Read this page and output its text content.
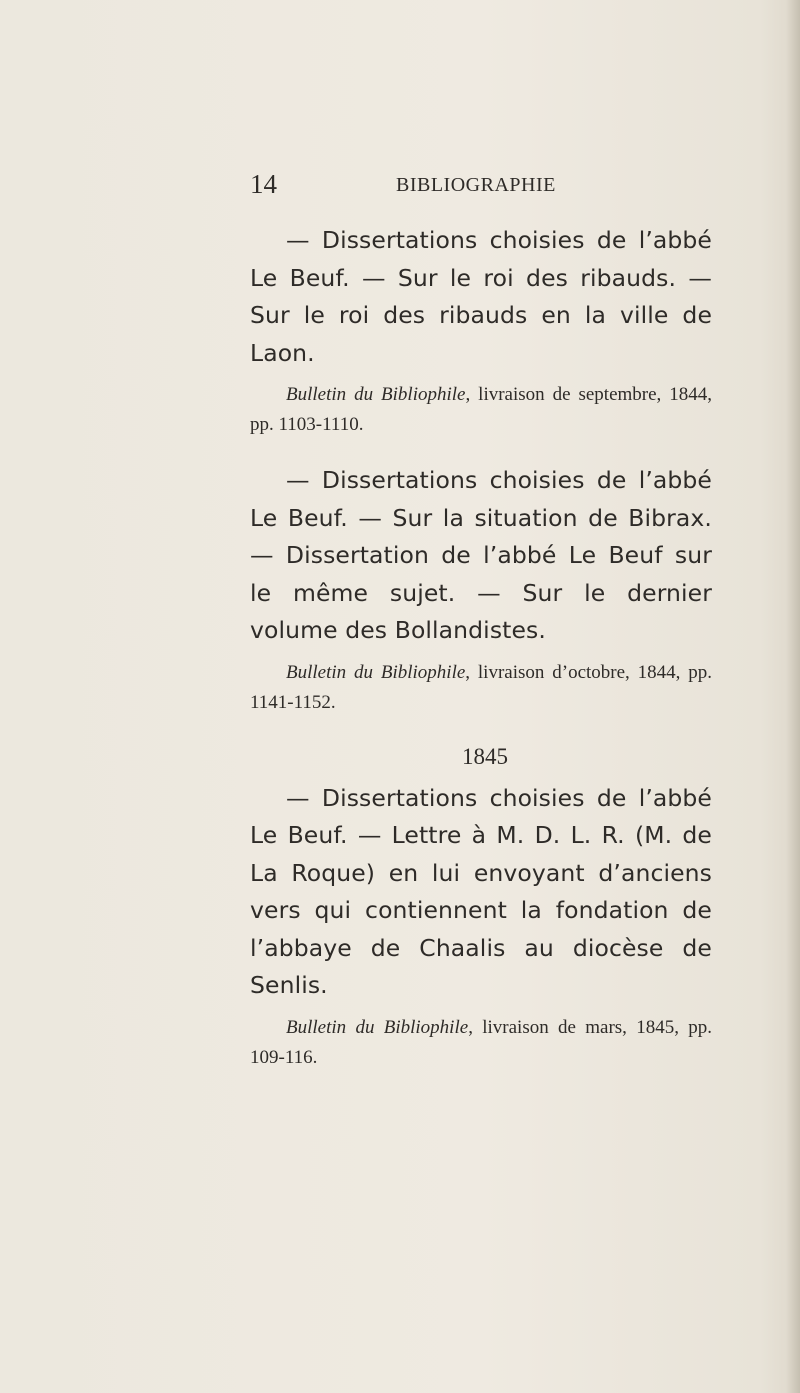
14	BIBLIOGRAPHIE

— Dissertations choisies de l’abbé Le Beuf. — Sur le roi des ribauds. — Sur le roi des ribauds en la ville de Laon.

Bulletin du Bibliophile, livraison de septembre, 1844, pp. 1103-1110.

— Dissertations choisies de l’abbé Le Beuf. — Sur la situation de Bibrax. — Dissertation de l’abbé Le Beuf sur le même sujet. — Sur le dernier volume des Bollandistes.

Bulletin du Bibliophile, livraison d’octobre, 1844, pp. 1141-1152.

1845

— Dissertations choisies de l’abbé Le Beuf. — Lettre à M. D. L. R. (M. de La Roque) en lui envoyant d’anciens vers qui contiennent la fondation de l’abbaye de Chaalis au diocèse de Senlis.

Bulletin du Bibliophile, livraison de mars, 1845, pp. 109-116.
